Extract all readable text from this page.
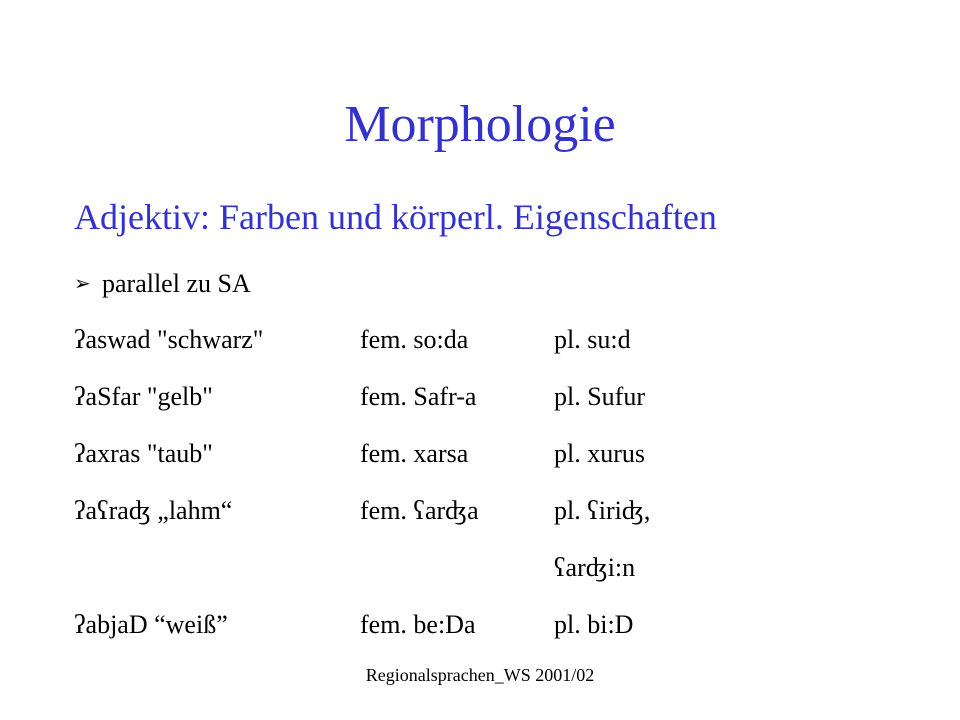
Morphologie
Adjektiv: Farben und körperl. Eigenschaften
➢ parallel zu SA
ʔaswad "schwarz"	fem. so:da	pl. su:d
ʔaSfar "gelb"	fem. Safr-a	pl. Sufur
ʔaxras "taub"	fem. xarsa	pl. xurus
ʔaʕraʤ „lahm“	fem. ʕarʤa	pl. ʕiriʤ,
ʕarʤi:n
ʔabjaD “weiß”	fem. be:Da	pl. bi:D
Regionalsprachen_WS 2001/02
